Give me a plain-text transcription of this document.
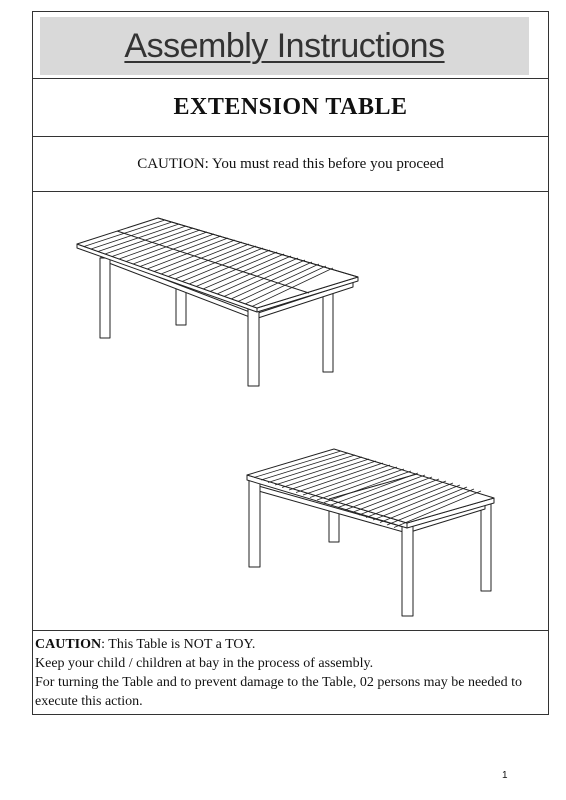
Assembly Instructions
EXTENSION TABLE
CAUTION: You must read this before you proceed
CAUTION: This Table is NOT a TOY.
Keep your child / children at bay in the process of assembly.
For turning the Table and to prevent damage to the Table, 02 persons may be needed to execute this action.
1
